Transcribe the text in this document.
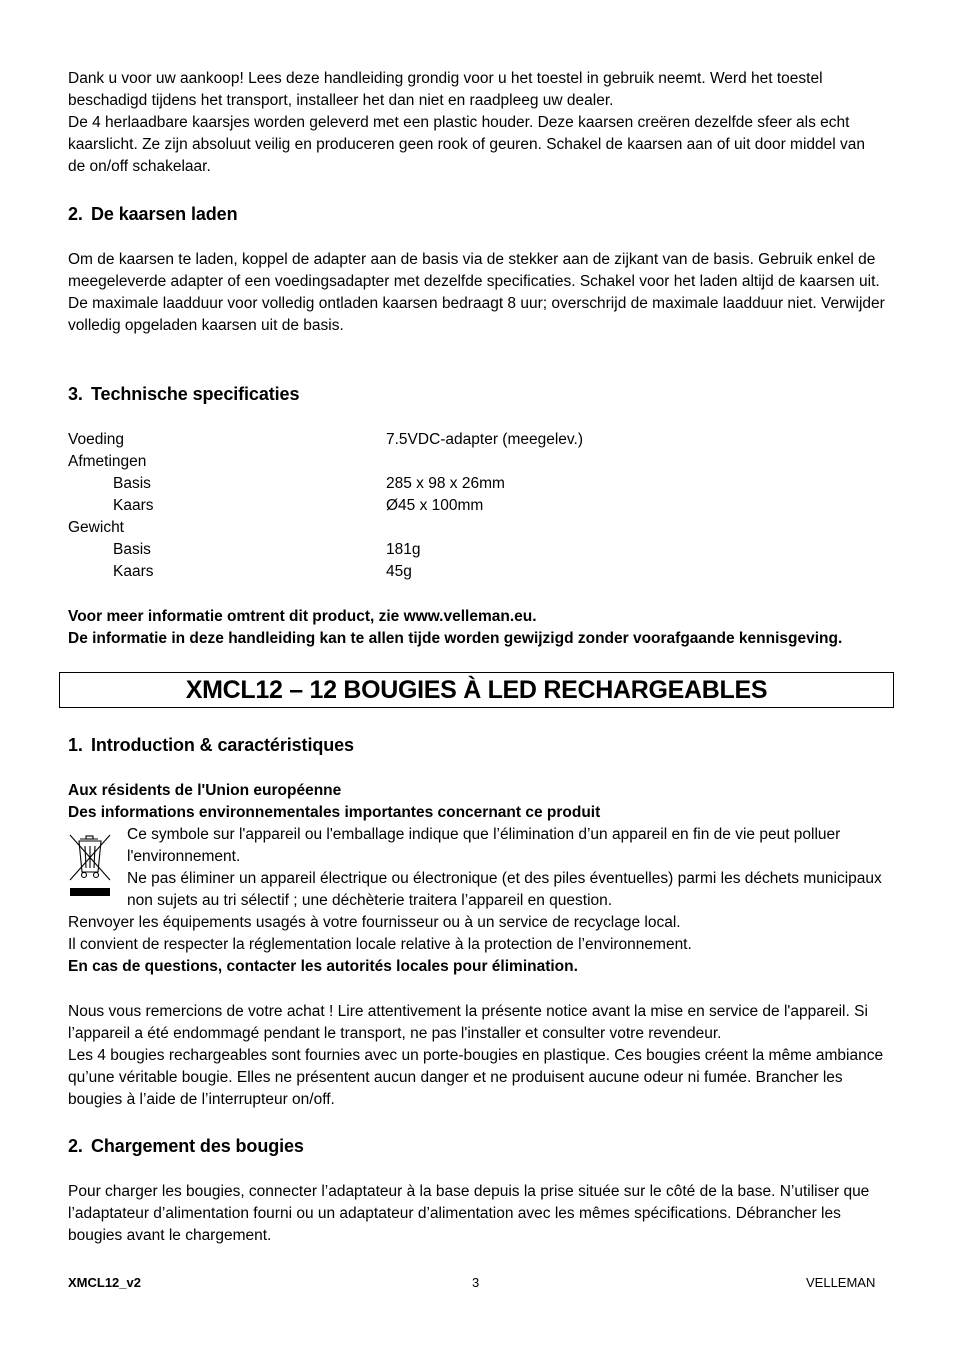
Dank u voor uw aankoop! Lees deze handleiding grondig voor u het toestel in gebruik neemt. Werd het toestel beschadigd tijdens het transport, installeer het dan niet en raadpleeg uw dealer.

De 4 herlaadbare kaarsjes worden geleverd met een plastic houder. Deze kaarsen creëren dezelfde sfeer als echt kaarslicht. Ze zijn absoluut veilig en produceren geen rook of geuren. Schakel de kaarsen aan of uit door middel van de on/off schakelaar.

2. De kaarsen laden

Om de kaarsen te laden, koppel de adapter aan de basis via de stekker aan de zijkant van de basis. Gebruik enkel de meegeleverde adapter of een voedingsadapter met dezelfde specificaties. Schakel voor het laden altijd de kaarsen uit.

De maximale laadduur voor volledig ontladen kaarsen bedraagt 8 uur; overschrijd de maximale laadduur niet. Verwijder volledig opgeladen kaarsen uit de basis.

3. Technische specificaties
Voeding	7.5VDC-adapter (meegelev.)
Afmetingen
Basis	285 x 98 x 26mm
Kaars	Ø45 x 100mm
Gewicht
Basis	181g
Kaars	45g

Voor meer informatie omtrent dit product, zie www.velleman.eu.

De informatie in deze handleiding kan te allen tijde worden gewijzigd zonder voorafgaande kennisgeving.

XMCL12 – 12 BOUGIES À LED RECHARGEABLES
1. Introduction & caractéristiques

Aux résidents de l'Union européenne

Des informations environnementales importantes concernant ce produit

Ce symbole sur l'appareil ou l'emballage indique que l’élimination d’un appareil en fin de vie peut polluer l'environnement.

Ne pas éliminer un appareil électrique ou électronique (et des piles éventuelles) parmi les déchets municipaux non sujets au tri sélectif ; une déchèterie traitera l’appareil en question.

Renvoyer les équipements usagés à votre fournisseur ou à un service de recyclage local.

Il convient de respecter la réglementation locale relative à la protection de l’environnement.

En cas de questions, contacter les autorités locales pour élimination.

Nous vous remercions de votre achat ! Lire attentivement la présente notice avant la mise en service de l'appareil. Si l’appareil a été endommagé pendant le transport, ne pas l'installer et consulter votre revendeur.

Les 4 bougies rechargeables sont fournies avec un porte-bougies en plastique. Ces bougies créent la même ambiance qu’une véritable bougie. Elles ne présentent aucun danger et ne produisent aucune odeur ni fumée. Brancher les bougies à l’aide de l’interrupteur on/off.

2. Chargement des bougies

Pour charger les bougies, connecter l’adaptateur à la base depuis la prise située sur le côté de la base. N’utiliser que l’adaptateur d’alimentation fourni ou un adaptateur d’alimentation avec les mêmes spécifications. Débrancher les bougies avant le chargement.

XMCL12_v2	3	VELLEMAN
